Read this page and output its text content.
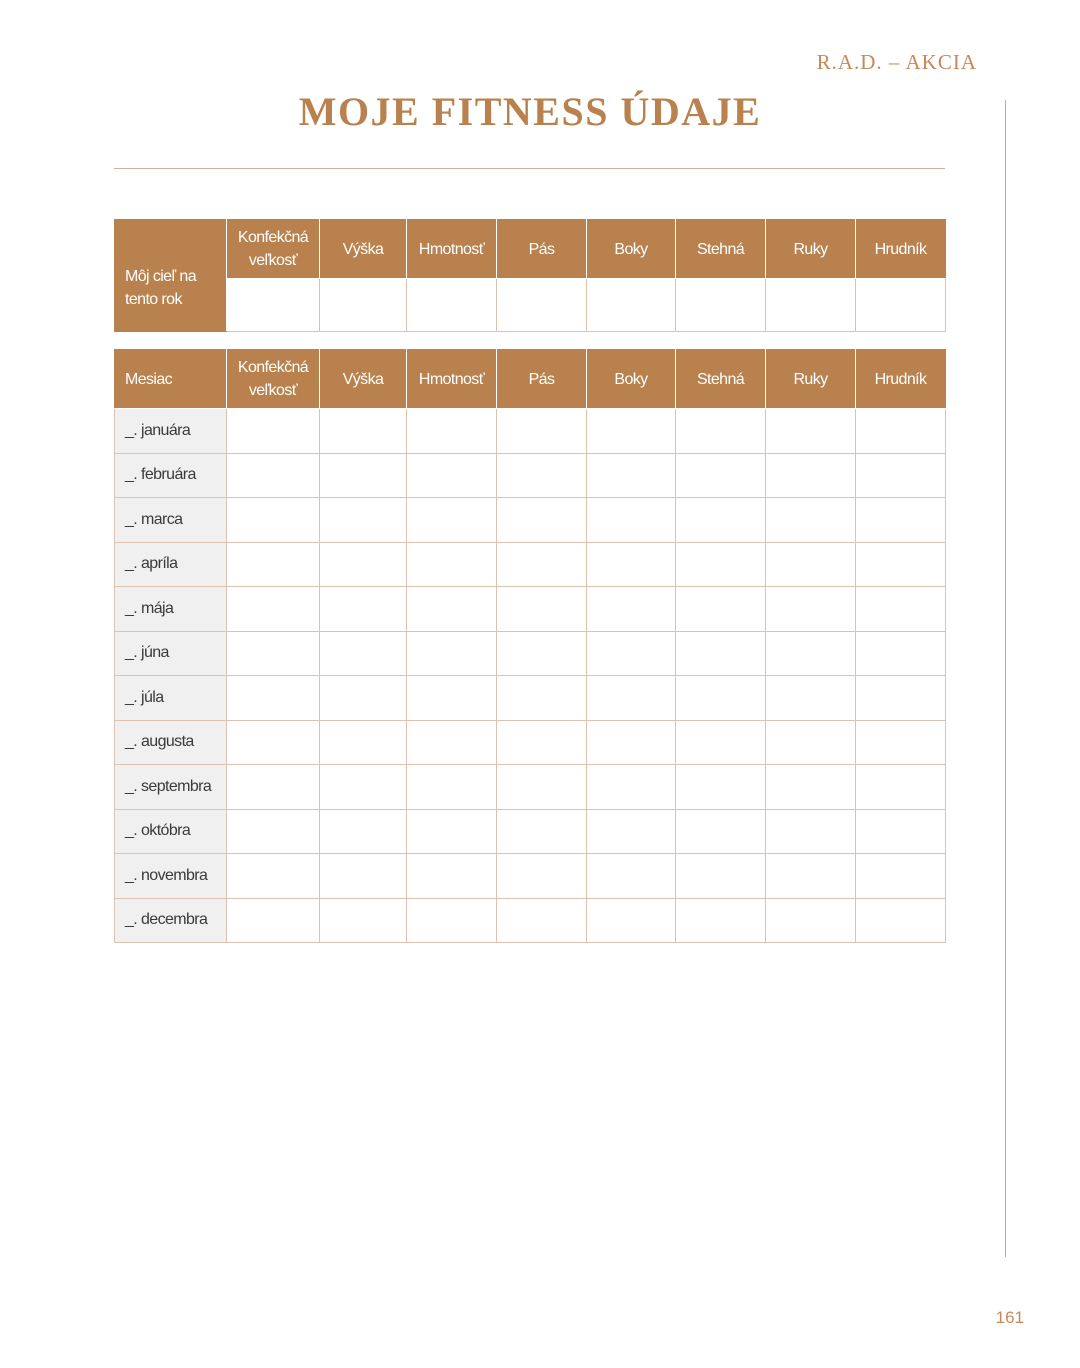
R.A.D. – AKCIA
MOJE FITNESS ÚDAJE
Môj cieľ na tento rok	Konfekčná veľkosť	Výška	Hmotnosť	Pás	Boky	Stehná	Ruky	Hrudník

Mesiac	Konfekčná veľkosť	Výška	Hmotnosť	Pás	Boky	Stehná	Ruky	Hrudník
_. januára								
_. februára								
_. marca								
_. apríla								
_. mája								
_. júna								
_. júla								
_. augusta								
_. septembra								
_. októbra								
_. novembra								
_. decembra								
161
